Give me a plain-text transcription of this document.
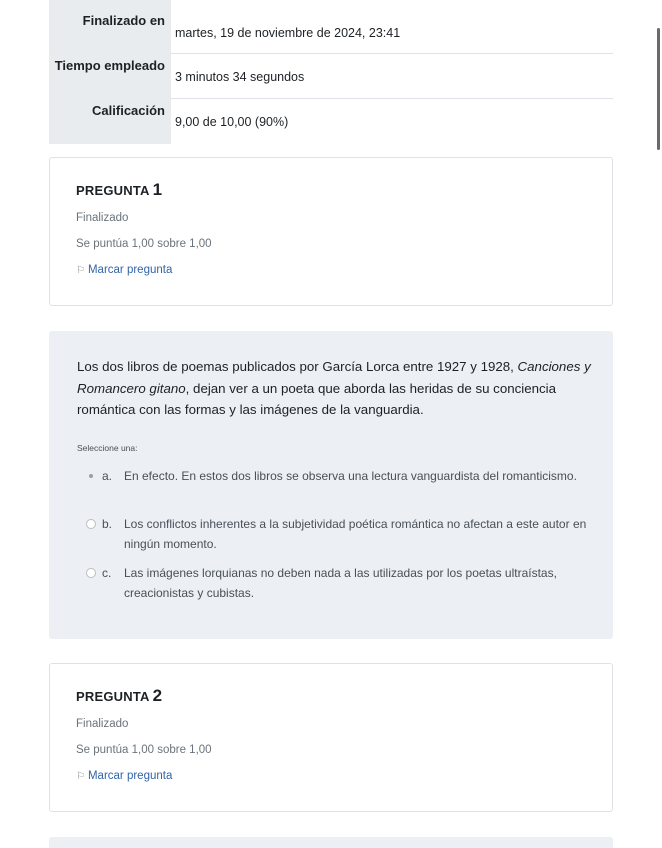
Finalizado en
martes, 19 de noviembre de 2024, 23:41
Tiempo empleado
3 minutos 34 segundos
Calificación
9,00 de 10,00 (90%)
PREGUNTA 1
Finalizado
Se puntúa 1,00 sobre 1,00
⚐ Marcar pregunta
Los dos libros de poemas publicados por García Lorca entre 1927 y 1928, Canciones y Romancero gitano, dejan ver a un poeta que aborda las heridas de su conciencia romántica con las formas y las imágenes de la vanguardia.
Seleccione una:
a. En efecto. En estos dos libros se observa una lectura vanguardista del romanticismo.
b. Los conflictos inherentes a la subjetividad poética romántica no afectan a este autor en ningún momento.
c. Las imágenes lorquianas no deben nada a las utilizadas por los poetas ultraístas, creacionistas y cubistas.
PREGUNTA 2
Finalizado
Se puntúa 1,00 sobre 1,00
⚐ Marcar pregunta
